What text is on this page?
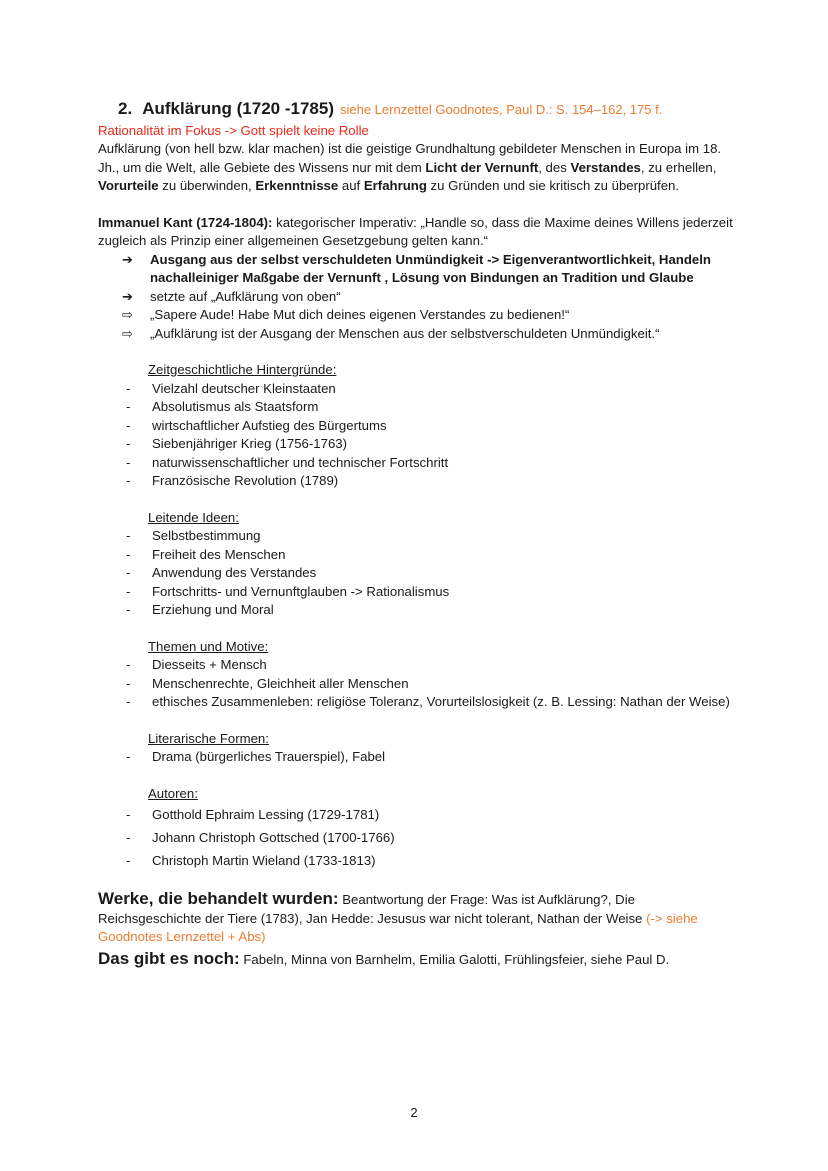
2. Aufklärung (1720 -1785) siehe Lernzettel Goodnotes, Paul D.: S. 154–162, 175 f.

Rationalität im Fokus -> Gott spielt keine Rolle

Aufklärung (von hell bzw. klar machen) ist die geistige Grundhaltung gebildeter Menschen in Europa im 18. Jh., um die Welt, alle Gebiete des Wissens nur mit dem Licht der Vernunft, des Verstandes, zu erhellen, Vorurteile zu überwinden, Erkenntnisse auf Erfahrung zu Gründen und sie kritisch zu überprüfen.

Immanuel Kant (1724-1804): kategorischer Imperativ: „Handle so, dass die Maxime deines Willens jederzeit zugleich als Prinzip einer allgemeinen Gesetzgebung gelten kann.“

➔	Ausgang aus der selbst verschuldeten Unmündigkeit -> Eigenverantwortlichkeit, Handeln nachalleiniger Maßgabe der Vernunft , Lösung von Bindungen an Tradition und Glaube
➔	setzte auf „Aufklärung von oben“
⇨	„Sapere Aude! Habe Mut dich deines eigenen Verstandes zu bedienen!“
⇨	„Aufklärung ist der Ausgang der Menschen aus der selbstverschuldeten Unmündigkeit.“

Zeitgeschichtliche Hintergründe:

- Vielzahl deutscher Kleinstaaten
- Absolutismus als Staatsform
- wirtschaftlicher Aufstieg des Bürgertums
- Siebenjähriger Krieg (1756-1763)
- naturwissenschaftlicher und technischer Fortschritt
- Französische Revolution (1789)

Leitende Ideen:

- Selbstbestimmung
- Freiheit des Menschen
- Anwendung des Verstandes
- Fortschritts- und Vernunftglauben -> Rationalismus
- Erziehung und Moral

Themen und Motive:

- Diesseits + Mensch
- Menschenrechte, Gleichheit aller Menschen
- ethisches Zusammenleben: religiöse Toleranz, Vorurteilslosigkeit (z. B. Lessing: Nathan der Weise)

Literarische Formen:

- Drama (bürgerliches Trauerspiel), Fabel

Autoren:

- Gotthold Ephraim Lessing (1729-1781)
- Johann Christoph Gottsched (1700-1766)
- Christoph Martin Wieland (1733-1813)

Werke, die behandelt wurden: Beantwortung der Frage: Was ist Aufklärung?, Die Reichsgeschichte der Tiere (1783), Jan Hedde: Jesusus war nicht tolerant, Nathan der Weise (-> siehe Goodnotes Lernzettel + Abs)

Das gibt es noch: Fabeln, Minna von Barnhelm, Emilia Galotti, Frühlingsfeier, siehe Paul D.

2
